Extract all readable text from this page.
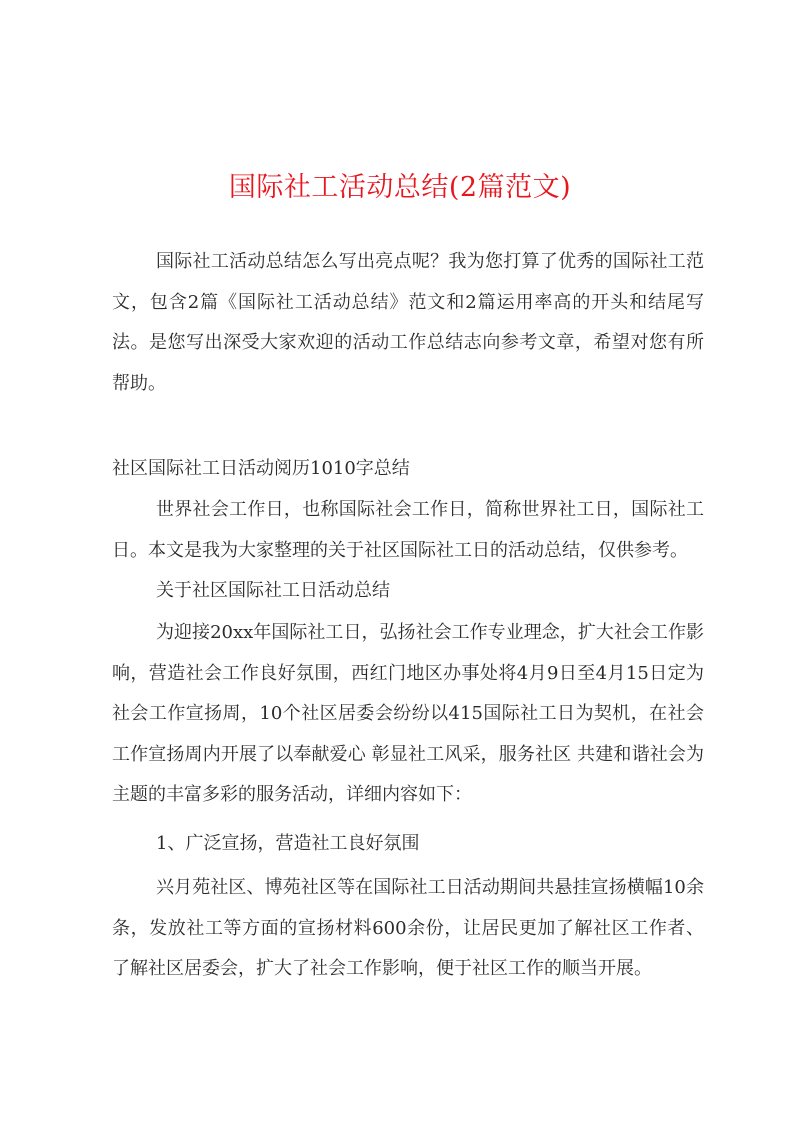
国际社工活动总结(2篇范文)

国际社工活动总结怎么写出亮点呢？我为您打算了优秀的国际社工范文，包含2篇《国际社工活动总结》范文和2篇运用率高的开头和结尾写法。是您写出深受大家欢迎的活动工作总结志向参考文章，希望对您有所帮助。

社区国际社工日活动阅历1010字总结

世界社会工作日，也称国际社会工作日，简称世界社工日，国际社工日。本文是我为大家整理的关于社区国际社工日的活动总结，仅供参考。

关于社区国际社工日活动总结

为迎接20xx年国际社工日，弘扬社会工作专业理念，扩大社会工作影响，营造社会工作良好氛围，西红门地区办事处将4月9日至4月15日定为社会工作宣扬周，10个社区居委会纷纷以415国际社工日为契机，在社会工作宣扬周内开展了以奉献爱心 彰显社工风采，服务社区 共建和谐社会为主题的丰富多彩的服务活动，详细内容如下：

1、广泛宣扬，营造社工良好氛围

兴月苑社区、博苑社区等在国际社工日活动期间共悬挂宣扬横幅10余条，发放社工等方面的宣扬材料600余份，让居民更加了解社区工作者、了解社区居委会，扩大了社会工作影响，便于社区工作的顺当开展。
